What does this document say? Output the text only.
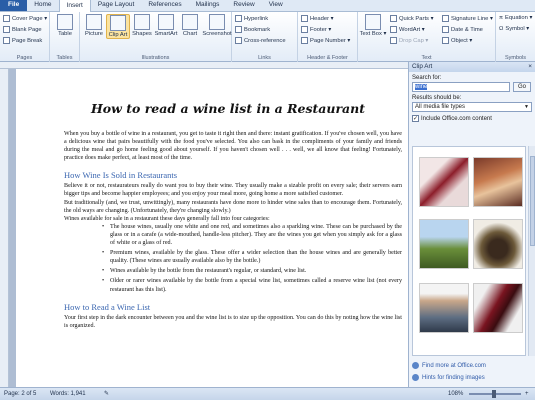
File	Home	Insert	Page Layout	References	Mailings	Review	View
Cover Page ▾
Blank Page
Page Break
Pages
Table
Tables
Picture Clip Art Shapes SmartArt Chart Screenshot
Illustrations
Hyperlink
Bookmark
Cross-reference
Links
Header ▾
Footer ▾
Page Number ▾
Header & Footer
Text Box ▾
Quick Parts ▾
WordArt ▾
Drop Cap ▾
Signature Line ▾
Date & Time
Object ▾
Text
π Equation ▾
Ω Symbol ▾
Symbols
How to read a wine list in a Restaurant

When you buy a bottle of wine in a restaurant, you get to taste it right then and there: instant gratification. If you've chosen well, you have a delicious wine that pairs beautifully with the food you've selected. You also can bask in the compliments of your family and friends during the meal and go home feeling good about yourself. If you haven't chosen well . . . well, we all know that feeling! Fortunately, practice does make perfect, at least most of the time.

How Wine Is Sold in Restaurants

Believe it or not, restaurateurs really do want you to buy their wine. They usually make a sizable profit on every sale; their servers earn bigger tips and become happier employees; and you enjoy your meal more, going home a more satisfied customer.

But traditionally (and, we trust, unwittingly), many restaurants have done more to hinder wine sales than to encourage them. Fortunately, the old ways are changing. (Unfortunately, they're changing slowly.)

Wines available for sale in a restaurant these days generally fall into four categories:

• The house wines, usually one white and one red, and sometimes also a sparkling wine. These can be purchased by the glass or in a carafe (a wide-mouthed, handle-less pitcher). They are the wines you get when you simply ask for a glass of white or a glass of red.
• Premium wines, available by the glass. These offer a wider selection than the house wines and are generally better quality. (These wines are usually available also by the bottle.)
• Wines available by the bottle from the restaurant's regular, or standard, wine list.
• Older or rarer wines available by the bottle from a special wine list, sometimes called a reserve wine list (not every restaurant has this list).
How to Read a Wine List

Your first step in the dark encounter between you and the wine list is to size up the opposition. You can do this by noting how the wine list is organized.

Clip Art	×
Search for:
wine	Go
Results should be:
All media file types	▼
✓ Include Office.com content
Find more at Office.com
Hints for finding images
Page: 2 of 5 Words: 1,941	✎	108%	+
